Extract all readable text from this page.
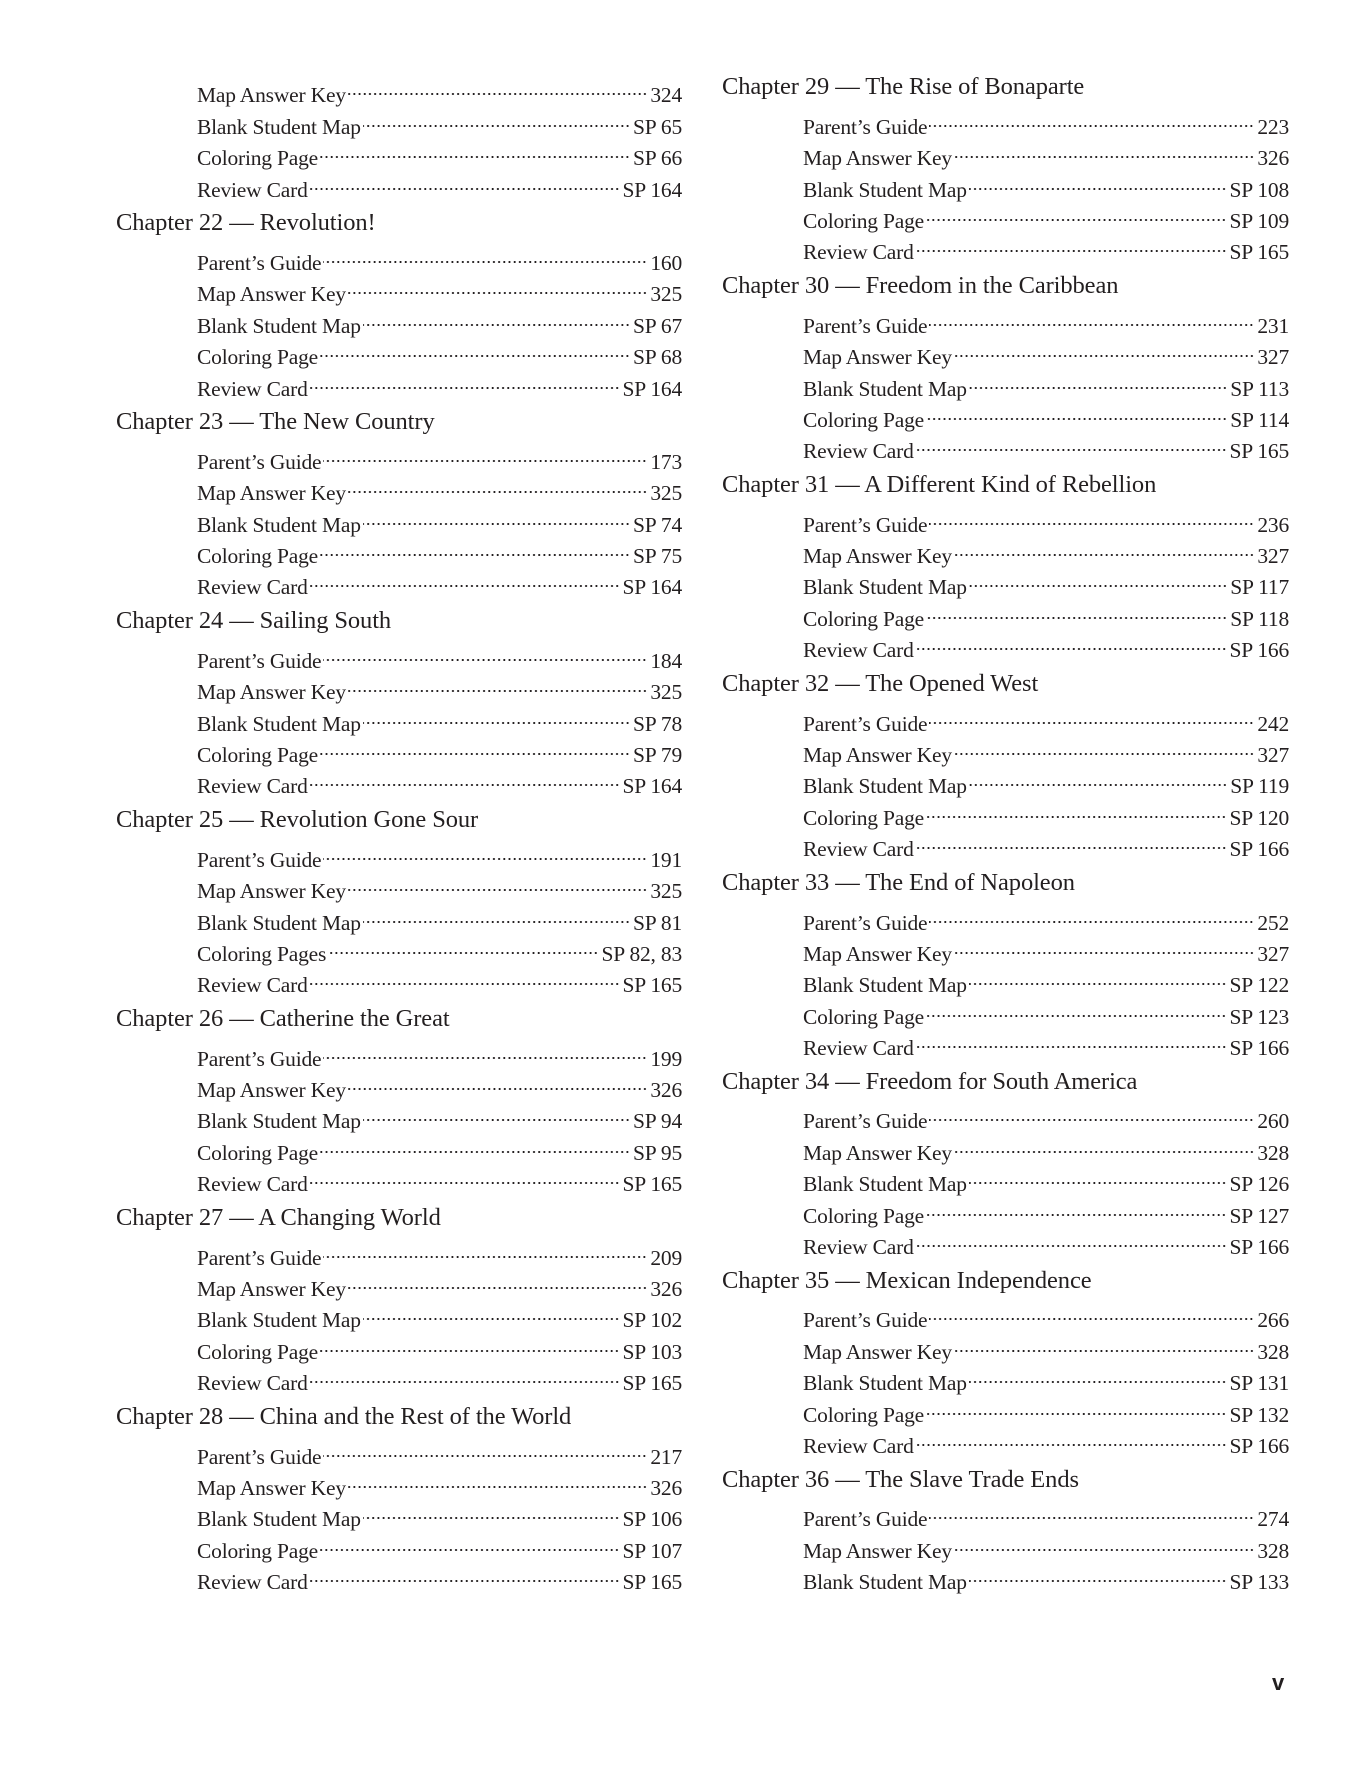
Map Answer Key	324
Blank Student Map	SP 65
Coloring Page	SP 66
Review Card	SP 164
Chapter 22 — Revolution!
Parent’s Guide	160
Map Answer Key	325
Blank Student Map	SP 67
Coloring Page	SP 68
Review Card	SP 164
Chapter 23 — The New Country
Parent’s Guide	173
Map Answer Key	325
Blank Student Map	SP 74
Coloring Page	SP 75
Review Card	SP 164
Chapter 24 — Sailing South
Parent’s Guide	184
Map Answer Key	325
Blank Student Map	SP 78
Coloring Page	SP 79
Review Card	SP 164
Chapter 25 — Revolution Gone Sour
Parent’s Guide	191
Map Answer Key	325
Blank Student Map	SP 81
Coloring Pages	SP 82, 83
Review Card	SP 165
Chapter 26 — Catherine the Great
Parent’s Guide	199
Map Answer Key	326
Blank Student Map	SP 94
Coloring Page	SP 95
Review Card	SP 165
Chapter 27 — A Changing World
Parent’s Guide	209
Map Answer Key	326
Blank Student Map	SP 102
Coloring Page	SP 103
Review Card	SP 165
Chapter 28 — China and the Rest of the World
Parent’s Guide	217
Map Answer Key	326
Blank Student Map	SP 106
Coloring Page	SP 107
Review Card	SP 165
Chapter 29 — The Rise of Bonaparte
Parent’s Guide	223
Map Answer Key	326
Blank Student Map	SP 108
Coloring Page	SP 109
Review Card	SP 165
Chapter 30 — Freedom in the Caribbean
Parent’s Guide	231
Map Answer Key	327
Blank Student Map	SP 113
Coloring Page	SP 114
Review Card	SP 165
Chapter 31 — A Different Kind of Rebellion
Parent’s Guide	236
Map Answer Key	327
Blank Student Map	SP 117
Coloring Page	SP 118
Review Card	SP 166
Chapter 32 — The Opened West
Parent’s Guide	242
Map Answer Key	327
Blank Student Map	SP 119
Coloring Page	SP 120
Review Card	SP 166
Chapter 33 — The End of Napoleon
Parent’s Guide	252
Map Answer Key	327
Blank Student Map	SP 122
Coloring Page	SP 123
Review Card	SP 166
Chapter 34 — Freedom for South America
Parent’s Guide	260
Map Answer Key	328
Blank Student Map	SP 126
Coloring Page	SP 127
Review Card	SP 166
Chapter 35 — Mexican Independence
Parent’s Guide	266
Map Answer Key	328
Blank Student Map	SP 131
Coloring Page	SP 132
Review Card	SP 166
Chapter 36 — The Slave Trade Ends
Parent’s Guide	274
Map Answer Key	328
Blank Student Map	SP 133
v
